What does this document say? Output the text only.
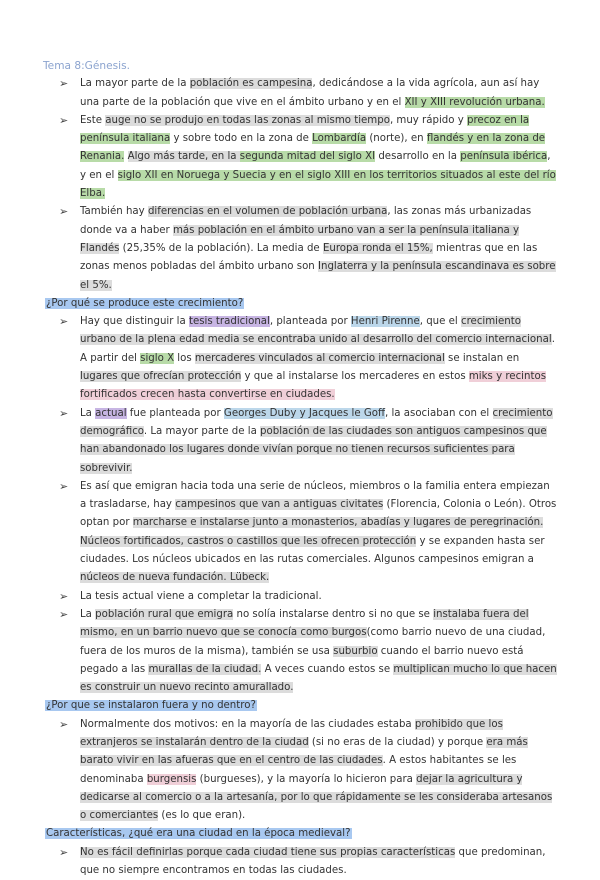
Tema 8:Génesis.

➢ La mayor parte de la población es campesina, dedicándose a la vida agrícola, aun así hay una parte de la población que vive en el ámbito urbano y en el XII y XIII revolución urbana.

➢ Este auge no se produjo en todas las zonas al mismo tiempo, muy rápido y precoz en la península italiana y sobre todo en la zona de Lombardía (norte), en flandés y en la zona de Renania. Algo más tarde, en la segunda mitad del siglo XI desarrollo en la península ibérica, y en el siglo XII en Noruega y Suecia y en el siglo XIII en los territorios situados al este del río Elba.

➢ También hay diferencias en el volumen de población urbana, las zonas más urbanizadas donde va a haber más población en el ámbito urbano van a ser la península italiana y Flandés (25,35% de la población). La media de Europa ronda el 15%, mientras que en las zonas menos pobladas del ámbito urbano son Inglaterra y la península escandinava es sobre el 5%.

¿Por qué se produce este crecimiento?

➢ Hay que distinguir la tesis tradicional, planteada por Henri Pirenne, que el crecimiento urbano de la plena edad media se encontraba unido al desarrollo del comercio internacional. A partir del siglo X los mercaderes vinculados al comercio internacional se instalan en lugares que ofrecían protección y que al instalarse los mercaderes en estos miks y recintos fortificados crecen hasta convertirse en ciudades.

➢ La actual fue planteada por Georges Duby y Jacques le Goff, la asociaban con el crecimiento demográfico. La mayor parte de la población de las ciudades son antiguos campesinos que han abandonado los lugares donde vivían porque no tienen recursos suficientes para sobrevivir.

➢ Es así que emigran hacia toda una serie de núcleos, miembros o la familia entera empiezan a trasladarse, hay campesinos que van a antiguas civitates (Florencia, Colonia o León). Otros optan por marcharse e instalarse junto a monasterios, abadías y lugares de peregrinación. Núcleos fortificados, castros o castillos que les ofrecen protección y se expanden hasta ser ciudades. Los núcleos ubicados en las rutas comerciales. Algunos campesinos emigran a núcleos de nueva fundación. Lübeck.

➢ La tesis actual viene a completar la tradicional.

➢ La población rural que emigra no solía instalarse dentro si no que se instalaba fuera del mismo, en un barrio nuevo que se conocía como burgos(como barrio nuevo de una ciudad, fuera de los muros de la misma), también se usa suburbio cuando el barrio nuevo está pegado a las murallas de la ciudad. A veces cuando estos se multiplican mucho lo que hacen es construir un nuevo recinto amurallado.

¿Por que se instalaron fuera y no dentro?

➢ Normalmente dos motivos: en la mayoría de las ciudades estaba prohibido que los extranjeros se instalarán dentro de la ciudad (si no eras de la ciudad) y porque era más barato vivir en las afueras que en el centro de las ciudades. A estos habitantes se les denominaba burgensis (burgueses), y la mayoría lo hicieron para dejar la agricultura y dedicarse al comercio o a la artesanía, por lo que rápidamente se les consideraba artesanos o comerciantes (es lo que eran).

Características, ¿qué era una ciudad en la época medieval?

➢ No es fácil definirlas porque cada ciudad tiene sus propias características que predominan, que no siempre encontramos en todas las ciudades.
